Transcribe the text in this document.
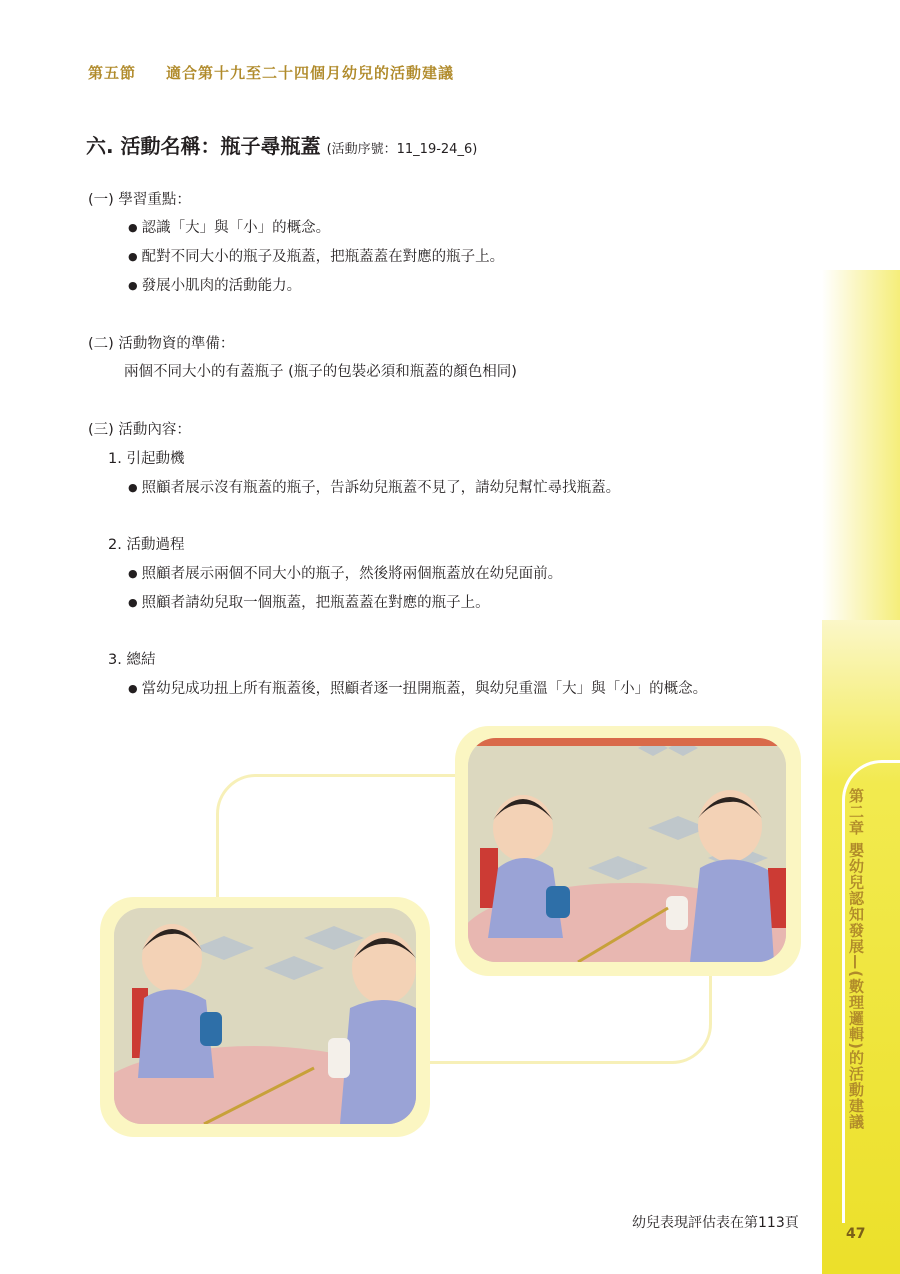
第二章 嬰幼兒認知發展—(數理邏輯)的活動建議
47
第五節 適合第十九至二十四個月幼兒的活動建議
六. 活動名稱：瓶子尋瓶蓋 (活動序號：11_19-24_6)
(一) 學習重點：
● 認識「大」與「小」的概念。
● 配對不同大小的瓶子及瓶蓋，把瓶蓋蓋在對應的瓶子上。
● 發展小肌肉的活動能力。
(二) 活動物資的準備：
兩個不同大小的有蓋瓶子 (瓶子的包裝必須和瓶蓋的顏色相同)
(三) 活動內容：
1. 引起動機
● 照顧者展示沒有瓶蓋的瓶子，告訴幼兒瓶蓋不見了，請幼兒幫忙尋找瓶蓋。
2. 活動過程
● 照顧者展示兩個不同大小的瓶子，然後將兩個瓶蓋放在幼兒面前。
● 照顧者請幼兒取一個瓶蓋，把瓶蓋蓋在對應的瓶子上。
3. 總結
● 當幼兒成功扭上所有瓶蓋後，照顧者逐一扭開瓶蓋，與幼兒重溫「大」與「小」的概念。
幼兒表現評估表在第113頁
